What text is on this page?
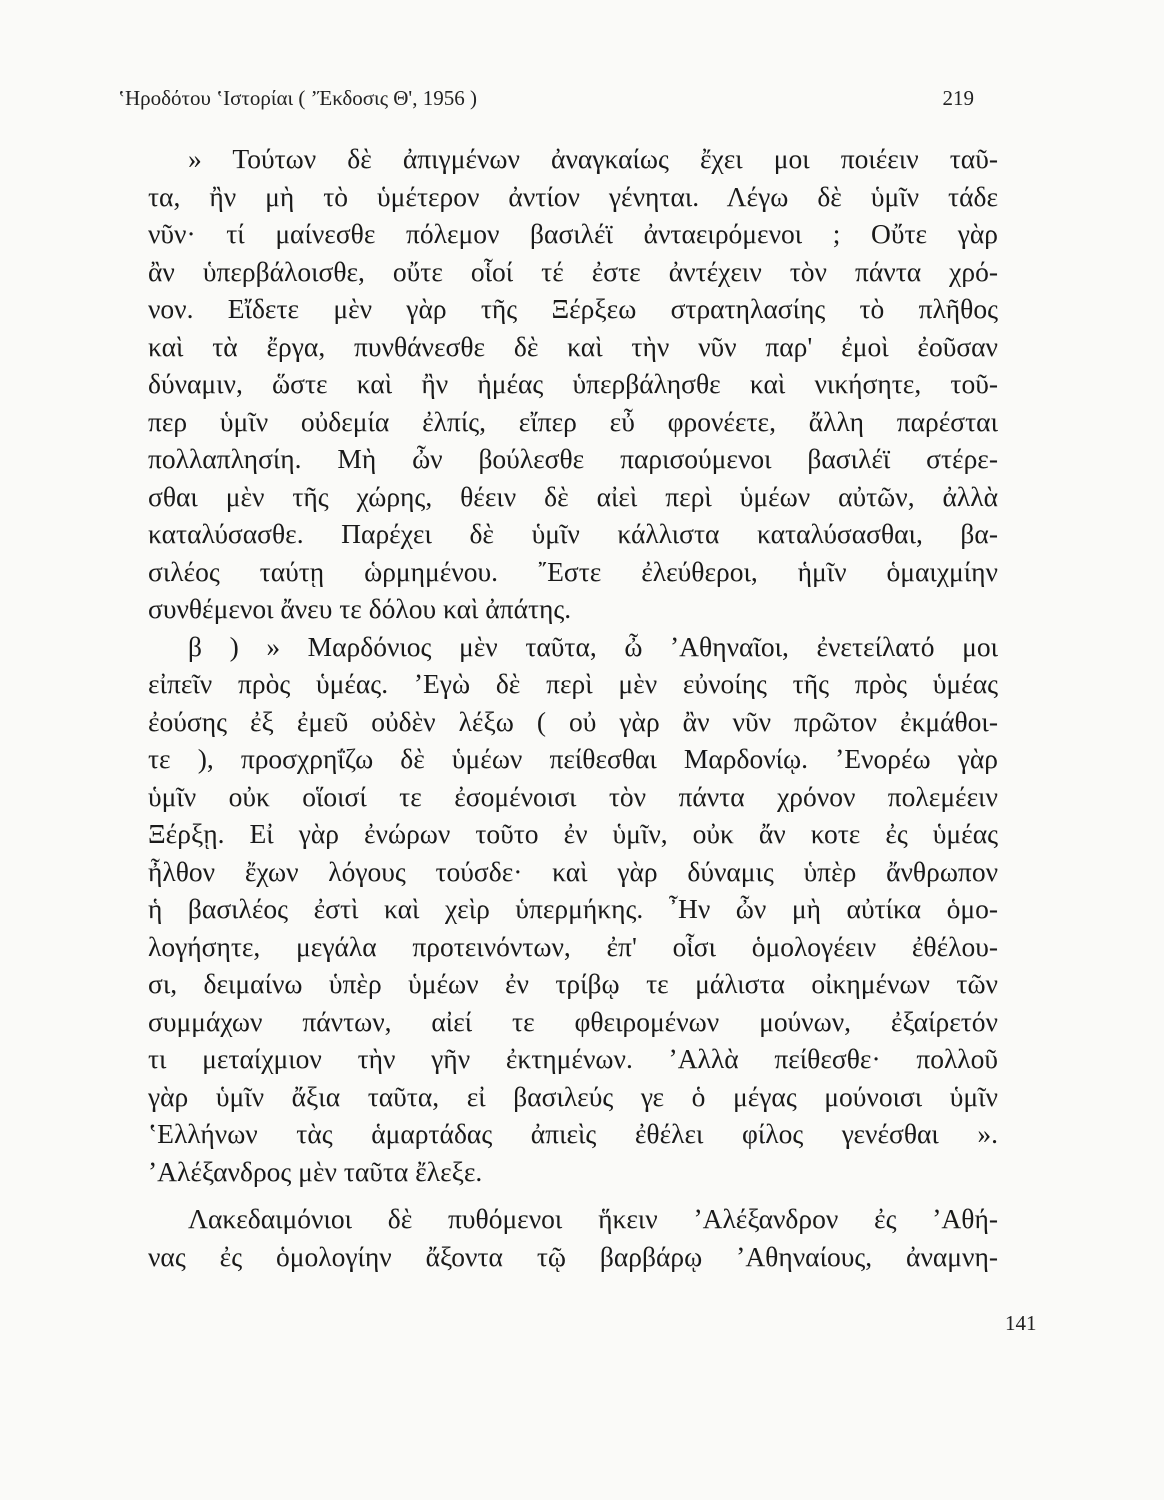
ʽΗροδότου ʽΙστορίαι ( ʼΈκδοσις Θ', 1956 )	219
» Τούτων δὲ ἀπιγμένων ἀναγκαίως ἔχει μοι ποιέειν ταῦ-
τα, ἢν μὴ τὸ ὑμέτερον ἀντίον γένηται. Λέγω δὲ ὑμῖν τάδε
νῦν· τί μαίνεσθε πόλεμον βασιλέϊ ἀνταειρόμενοι ; Οὔτε γὰρ
ἂν ὑπερβάλοισθε, οὔτε οἷοί τέ ἐστε ἀντέχειν τὸν πάντα χρό-
νον. Εἴδετε μὲν γὰρ τῆς Ξέρξεω στρατηλασίης τὸ πλῆθος
καὶ τὰ ἔργα, πυνθάνεσθε δὲ καὶ τὴν νῦν παρ' ἐμοὶ ἐοῦσαν
δύναμιν, ὥστε καὶ ἢν ἡμέας ὑπερβάλησθε καὶ νικήσητε, τοῦ-
περ ὑμῖν οὐδεμία ἐλπίς, εἴπερ εὖ φρονέετε, ἄλλη παρέσται
πολλαπλησίη. Μὴ ὦν βούλεσθε παρισούμενοι βασιλέϊ στέρε-
σθαι μὲν τῆς χώρης, θέειν δὲ αἰεὶ περὶ ὑμέων αὐτῶν, ἀλλὰ
καταλύσασθε. Παρέχει δὲ ὑμῖν κάλλιστα καταλύσασθαι, βα-
σιλέος ταύτῃ ὡρμημένου. ῎Εστε ἐλεύθεροι, ἡμῖν ὁμαιχμίην
συνθέμενοι ἄνευ τε δόλου καὶ ἀπάτης.
β ) » Μαρδόνιος μὲν ταῦτα, ὦ ʼΑθηναῖοι, ἐνετείλατό μοι
εἰπεῖν πρὸς ὑμέας. ʼΕγὼ δὲ περὶ μὲν εὐνοίης τῆς πρὸς ὑμέας
ἐούσης ἐξ ἐμεῦ οὐδὲν λέξω ( οὐ γὰρ ἂν νῦν πρῶτον ἐκμάθοι-
τε ), προσχρηΐζω δὲ ὑμέων πείθεσθαι Μαρδονίῳ. ʼΕνορέω γὰρ
ὑμῖν οὐκ οἵοισί τε ἐσομένοισι τὸν πάντα χρόνον πολεμέειν
Ξέρξῃ. Εἰ γὰρ ἐνώρων τοῦτο ἐν ὑμῖν, οὐκ ἄν κοτε ἐς ὑμέας
ἦλθον ἔχων λόγους τούσδε· καὶ γὰρ δύναμις ὑπὲρ ἄνθρωπον
ἡ βασιλέος ἐστὶ καὶ χεὶρ ὑπερμήκης. ῏Ην ὦν μὴ αὐτίκα ὁμο-
λογήσητε, μεγάλα προτεινόντων, ἐπ' οἷσι ὁμολογέειν ἐθέλου-
σι, δειμαίνω ὑπὲρ ὑμέων ἐν τρίβῳ τε μάλιστα οἰκημένων τῶν
συμμάχων πάντων, αἰεί τε φθειρομένων μούνων, ἐξαίρετόν
τι μεταίχμιον τὴν γῆν ἐκτημένων. ʼΑλλὰ πείθεσθε· πολλοῦ
γὰρ ὑμῖν ἄξια ταῦτα, εἰ βασιλεύς γε ὁ μέγας μούνοισι ὑμῖν
ʽΕλλήνων τὰς ἁμαρτάδας ἀπιεὶς ἐθέλει φίλος γενέσθαι ».
ʼΑλέξανδρος μὲν ταῦτα ἔλεξε.
Λακεδαιμόνιοι δὲ πυθόμενοι ἥκειν ʼΑλέξανδρον ἐς ʼΑθή-
νας ἐς ὁμολογίην ἄξοντα τῷ βαρβάρῳ ʼΑθηναίους, ἀναμνη-
141
